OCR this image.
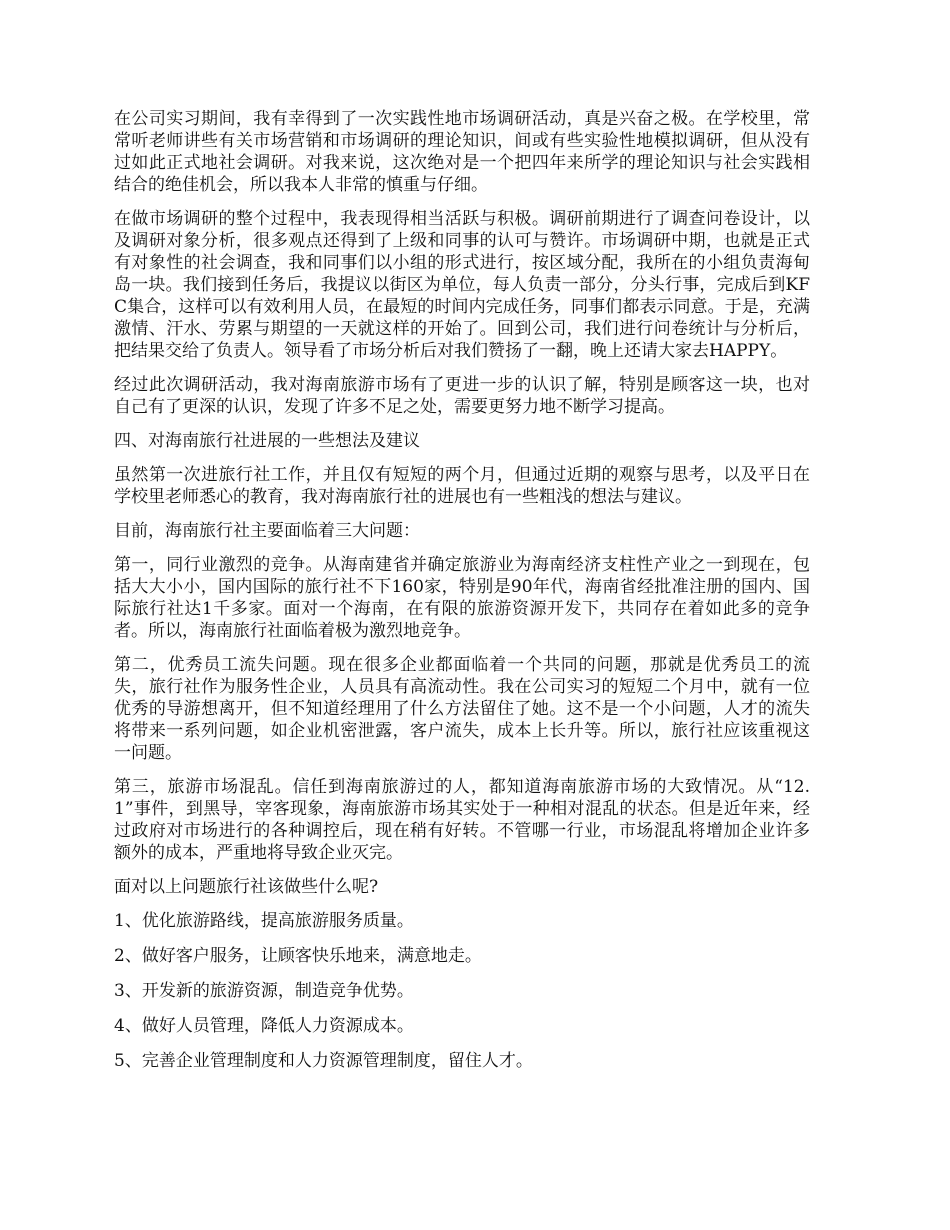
在公司实习期间，我有幸得到了一次实践性地市场调研活动，真是兴奋之极。在学校里，常常听老师讲些有关市场营销和市场调研的理论知识，间或有些实验性地模拟调研，但从没有过如此正式地社会调研。对我来说，这次绝对是一个把四年来所学的理论知识与社会实践相结合的绝佳机会，所以我本人非常的慎重与仔细。

在做市场调研的整个过程中，我表现得相当活跃与积极。调研前期进行了调查问卷设计，以及调研对象分析，很多观点还得到了上级和同事的认可与赞许。市场调研中期，也就是正式有对象性的社会调查，我和同事们以小组的形式进行，按区域分配，我所在的小组负责海甸岛一块。我们接到任务后，我提议以街区为单位，每人负责一部分，分头行事，完成后到KFC集合，这样可以有效利用人员，在最短的时间内完成任务，同事们都表示同意。于是，充满激情、汗水、劳累与期望的一天就这样的开始了。回到公司，我们进行问卷统计与分析后，把结果交给了负责人。领导看了市场分析后对我们赞扬了一翻，晚上还请大家去HAPPY。

经过此次调研活动，我对海南旅游市场有了更进一步的认识了解，特别是顾客这一块，也对自己有了更深的认识，发现了许多不足之处，需要更努力地不断学习提高。

四、对海南旅行社进展的一些想法及建议

虽然第一次进旅行社工作，并且仅有短短的两个月，但通过近期的观察与思考，以及平日在学校里老师悉心的教育，我对海南旅行社的进展也有一些粗浅的想法与建议。

目前，海南旅行社主要面临着三大问题：

第一，同行业激烈的竞争。从海南建省并确定旅游业为海南经济支柱性产业之一到现在，包括大大小小，国内国际的旅行社不下160家，特别是90年代，海南省经批准注册的国内、国际旅行社达1千多家。面对一个海南，在有限的旅游资源开发下，共同存在着如此多的竞争者。所以，海南旅行社面临着极为激烈地竞争。

第二，优秀员工流失问题。现在很多企业都面临着一个共同的问题，那就是优秀员工的流失，旅行社作为服务性企业，人员具有高流动性。我在公司实习的短短二个月中，就有一位优秀的导游想离开，但不知道经理用了什么方法留住了她。这不是一个小问题，人才的流失将带来一系列问题，如企业机密泄露，客户流失，成本上长升等。所以，旅行社应该重视这一问题。

第三，旅游市场混乱。信任到海南旅游过的人，都知道海南旅游市场的大致情况。从“12.1”事件，到黑导，宰客现象，海南旅游市场其实处于一种相对混乱的状态。但是近年来，经过政府对市场进行的各种调控后，现在稍有好转。不管哪一行业，市场混乱将增加企业许多额外的成本，严重地将导致企业灭完。

面对以上问题旅行社该做些什么呢?

1、优化旅游路线，提高旅游服务质量。

2、做好客户服务，让顾客快乐地来，满意地走。

3、开发新的旅游资源，制造竞争优势。

4、做好人员管理，降低人力资源成本。

5、完善企业管理制度和人力资源管理制度，留住人才。
